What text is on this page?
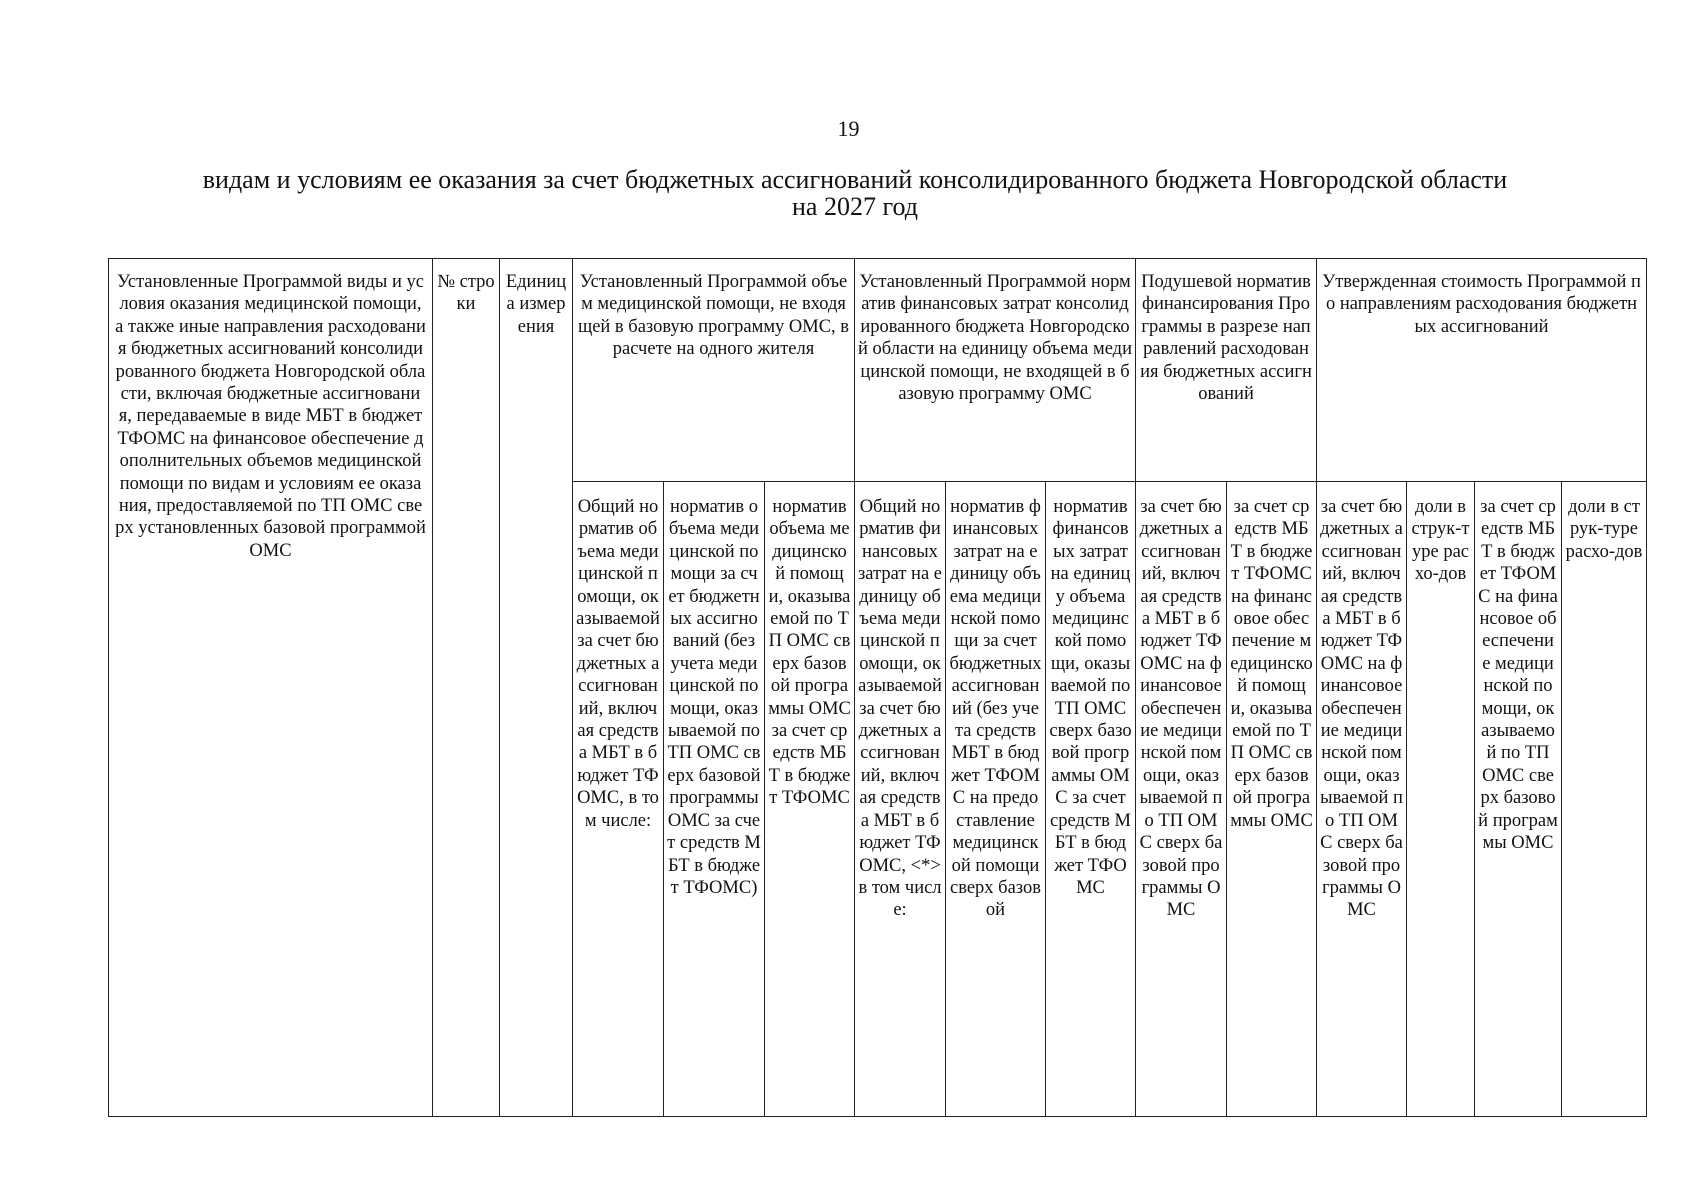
19
видам и условиям ее оказания за счет бюджетных ассигнований консолидированного бюджета Новгородской области
на 2027 год
Установленные Программой виды и условия оказания медицинской помощи, а также иные направления расходования бюджетных ассигнований консолидированного бюджета Новгородской области, включая бюджетные ассигнования, передаваемые в виде МБТ в бюджет ТФОМС на финансовое обеспечение дополнительных объемов медицинской помощи по видам и условиям ее оказания, предоставляемой по ТП ОМС сверх установленных базовой программой ОМС	№ строки	Единица измерения	Установленный Программой объем медицинской помощи, не входящей в базовую программу ОМС, в расчете на одного жителя			Установленный Программой норматив финансовых затрат консолидированного бюджета Новгородской области на единицу объема медицинской помощи, не входящей в базовую программу ОМС			Подушевой норматив финансирования Программы в разрезе направлений расходования бюджетных ассигнований		Утвержденная стоимость Программой по направлениям расходования бюджетных ассигнований			

			Общий норматив объема медицинской помощи, оказываемой за счет бюджетных ассигнований, включая средства МБТ в бюджет ТФОМС, в том числе:	норматив объема медицинской помощи за счет бюджетных ассигнований (без учета медицинской помощи, оказываемой по ТП ОМС сверх базовой программы ОМС за счет средств МБТ в бюджет ТФОМС)	норматив объема медицинской помощи, оказываемой по ТП ОМС сверх базовой программы ОМС за счет средств МБТ в бюджет ТФОМС	Общий норматив финансовых затрат на единицу объема медицинской помощи, оказываемой за счет бюджетных ассигнований, включая средства МБТ в бюджет ТФОМС, <*> в том числе:	норматив финансовых затрат на единицу объема медицинской помощи за счет бюджетных ассигнований (без учета средств МБТ в бюджет ТФОМС на предоставление медицинской помощи сверх базовой	норматив финансовых затрат на единицу объема медицинской помощи, оказываемой по ТП ОМС сверх базовой программы ОМС за счет средств МБТ в бюджет ТФОМС	за счет бюджетных ассигнований, включая средства МБТ в бюджет ТФОМС на финансовое обеспечение медицинской помощи, оказываемой по ТП ОМС сверх базовой программы ОМС	за счет средств МБТ в бюджет ТФОМС на финансовое обеспечение медицинской помощи, оказываемой по ТП ОМС сверх базовой программы ОМС	за счет бюджетных ассигнований, включая средства МБТ в бюджет ТФОМС на финансовое обеспечение медицинской помощи, оказываемой по ТП ОМС сверх базовой программы ОМС	доли в струк-туре расхо-дов	за счет средств МБТ в бюджет ТФОМС на финансовое обеспечение медицинской помощи, оказываемой по ТП ОМС сверх базовой программы ОМС	доли в струк-туре расхо-дов
